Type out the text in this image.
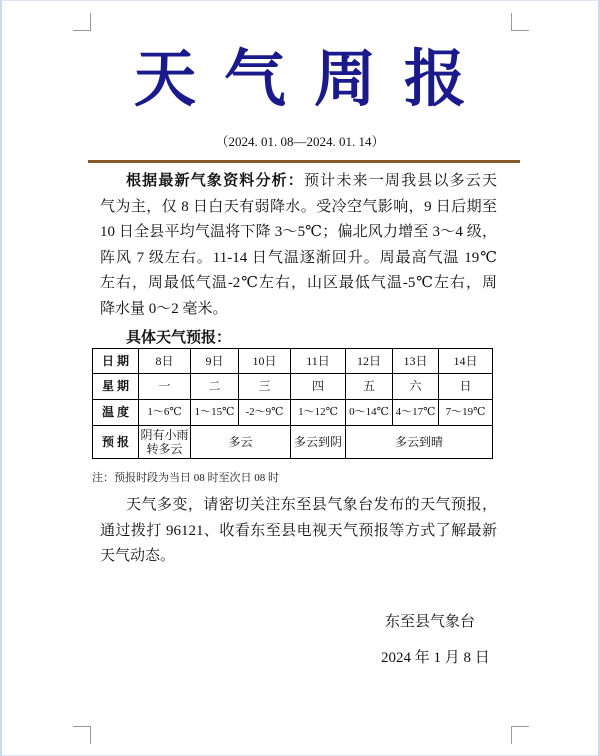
天气周报
（2024. 01. 08—2024. 01. 14）
根据最新气象资料分析：预计未来一周我县以多云天
气为主，仅 8 日白天有弱降水。受冷空气影响，9 日后期至
10 日全县平均气温将下降 3～5℃；偏北风力增至 3～4 级，
阵风 7 级左右。11-14 日气温逐渐回升。周最高气温 19℃
左右，周最低气温-2℃左右，山区最低气温-5℃左右，周
降水量 0～2 毫米。
具体天气预报：
日 期	8日	9日	10日	11日	12日	13日	14日
星 期	一	二	三	四	五	六	日
温 度	1～6℃	1～15℃	-2～9℃	1～12℃	0～14℃	4～17℃	7～19℃
预 报	阴有小雨
转多云	多云		多云到阴	多云到晴		
注：预报时段为当日 08 时至次日 08 时
天气多变，请密切关注东至县气象台发布的天气预报，
通过拨打 96121、收看东至县电视天气预报等方式了解最新
天气动态。
东至县气象台
2024 年 1 月 8 日
